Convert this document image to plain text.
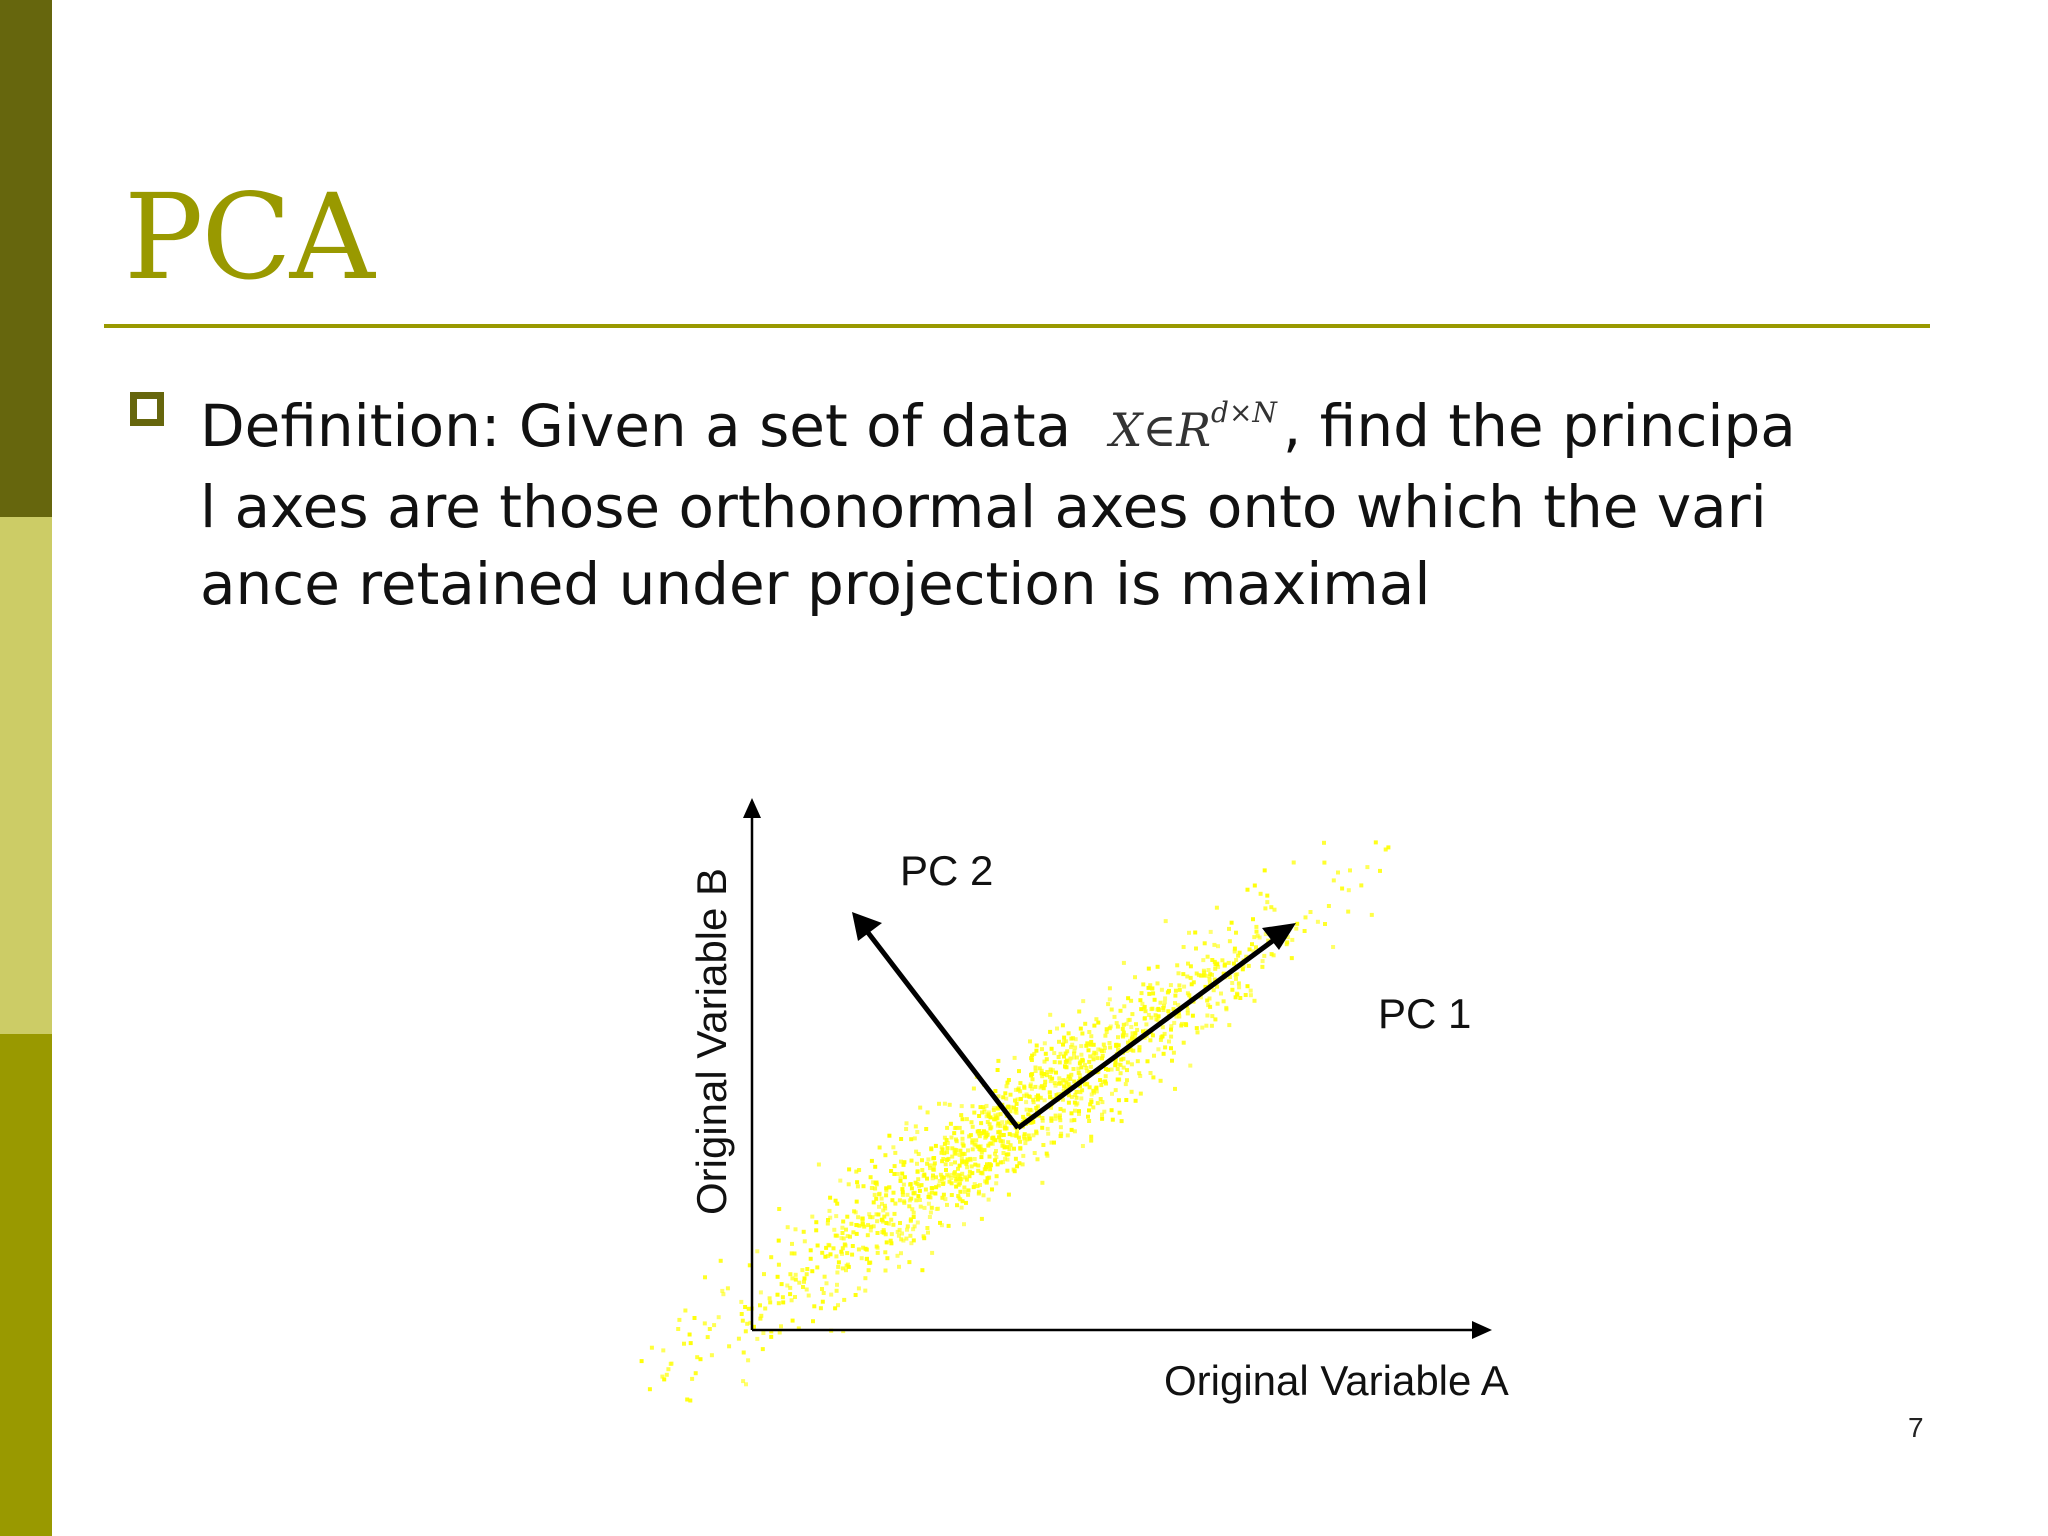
PCA
Definition: Given a set of data $X\in R^{d\times N}$ , find the principa
l axes are those orthonormal axes onto which the vari
ance retained under projection is maximal
PC 2
PC 1
Original Variable A
Original Variable B
7
